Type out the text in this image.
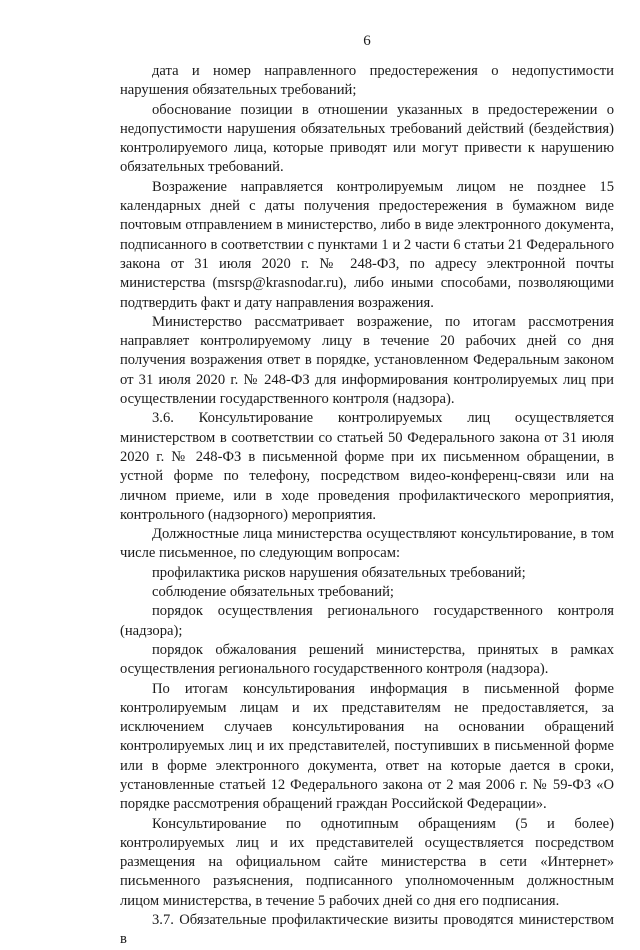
6

дата и номер направленного предостережения о недопустимости нарушения обязательных требований;

обоснование позиции в отношении указанных в предостережении о недопустимости нарушения обязательных требований действий (бездействия) контролируемого лица, которые приводят или могут привести к нарушению обязательных требований.

Возражение направляется контролируемым лицом не позднее 15 календарных дней с даты получения предостережения в бумажном виде почтовым отправлением в министерство, либо в виде электронного документа, подписанного в соответствии с пунктами 1 и 2 части 6 статьи 21 Федерального закона от 31 июля 2020 г. № 248-ФЗ, по адресу электронной почты министерства (msrsp@krasnodar.ru), либо иными способами, позволяющими подтвердить факт и дату направления возражения.

Министерство рассматривает возражение, по итогам рассмотрения направляет контролируемому лицу в течение 20 рабочих дней со дня получения возражения ответ в порядке, установленном Федеральным законом от 31 июля 2020 г. № 248-ФЗ для информирования контролируемых лиц при осуществлении государственного контроля (надзора).

3.6. Консультирование контролируемых лиц осуществляется министерством в соответствии со статьей 50 Федерального закона от 31 июля 2020 г. № 248-ФЗ в письменной форме при их письменном обращении, в устной форме по телефону, посредством видео-конференц-связи или на личном приеме, или в ходе проведения профилактического мероприятия, контрольного (надзорного) мероприятия.

Должностные лица министерства осуществляют консультирование, в том числе письменное, по следующим вопросам:

профилактика рисков нарушения обязательных требований;

соблюдение обязательных требований;

порядок осуществления регионального государственного контроля (надзора);

порядок обжалования решений министерства, принятых в рамках осуществления регионального государственного контроля (надзора).

По итогам консультирования информация в письменной форме контролируемым лицам и их представителям не предоставляется, за исключением случаев консультирования на основании обращений контролируемых лиц и их представителей, поступивших в письменной форме или в форме электронного документа, ответ на которые дается в сроки, установленные статьей 12 Федерального закона от 2 мая 2006 г. № 59-ФЗ «О порядке рассмотрения обращений граждан Российской Федерации».

Консультирование по однотипным обращениям (5 и более) контролируемых лиц и их представителей осуществляется посредством размещения на официальном сайте министерства в сети «Интернет» письменного разъяснения, подписанного уполномоченным должностным лицом министерства, в течение 5 рабочих дней со дня его подписания.

3.7. Обязательные профилактические визиты проводятся министерством в
